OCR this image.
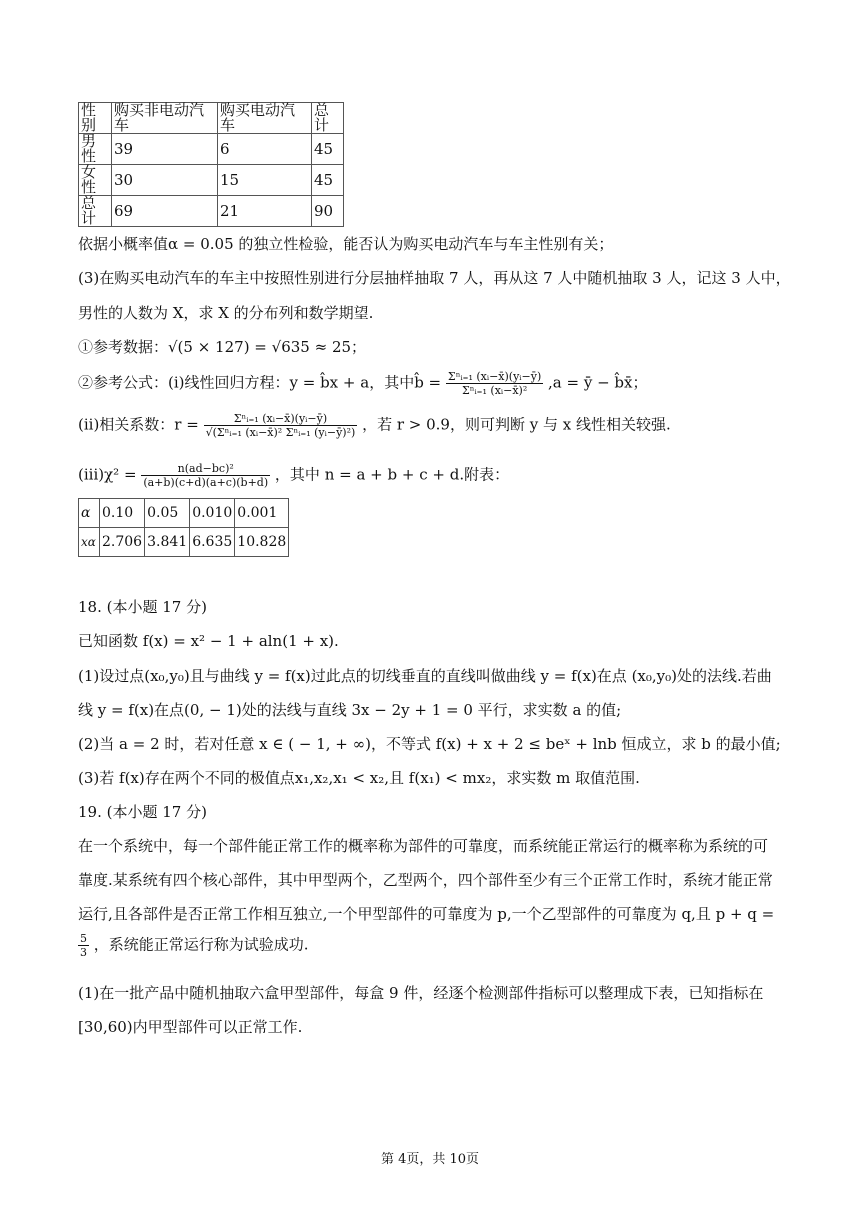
性别	购买非电动汽车	购买电动汽车	总计
男性	39	6	45
女性	30	15	45
总计	69	21	90
依据小概率值α = 0.05 的独立性检验，能否认为购买电动汽车与车主性别有关；
(3)在购买电动汽车的车主中按照性别进行分层抽样抽取 7 人，再从这 7 人中随机抽取 3 人，记这 3 人中，
男性的人数为 X，求 X 的分布列和数学期望.
①参考数据：√(5 × 127) = √635 ≈ 25；
②参考公式：(i)线性回归方程：y = b̂x + a，其中b̂ = $\frac{\text{Σⁿᵢ₌₁ (xᵢ−x̄)(yᵢ−ȳ)}}{\text{Σⁿᵢ₌₁ (xᵢ−x̄)²}} ,a$ = ȳ − b̂x̄；
(ii)相关系数：$r = \frac{\text{Σⁿᵢ₌₁ (xᵢ−x̄)(yᵢ−ȳ)}}{\text{√(Σⁿᵢ₌₁ (xᵢ−x̄)² Σⁿᵢ₌₁ (yᵢ−ȳ)²)}}$ ，若 r > 0.9，则可判断 y 与 x 线性相关较强.
$(iii)\chi^2 = \frac{\text{n(ad−bc)²}}{(a+b)(c+d)(a+c)(b+d)}$ ，其中 n = a + b + c + d.附表：
α	0.10	0.05	0.010	0.001
xα	2.706	3.841	6.635	10.828
18. (本小题 17 分)
已知函数 f(x) = x² − 1 + aln(1 + x).
(1)设过点(x₀,y₀)且与曲线 y = f(x)过此点的切线垂直的直线叫做曲线 y = f(x)在点 (x₀,y₀)处的法线.若曲
线 y = f(x)在点(0, − 1)处的法线与直线 3x − 2y + 1 = 0 平行，求实数 a 的值;
(2)当 a = 2 时，若对任意 x ∈ ( − 1, + ∞)，不等式 f(x) + x + 2 ≤ beˣ + lnb 恒成立，求 b 的最小值;
(3)若 f(x)存在两个不同的极值点x₁,x₂,x₁ < x₂,且 f(x₁) < mx₂，求实数 m 取值范围.
19. (本小题 17 分)
在一个系统中，每一个部件能正常工作的概率称为部件的可靠度，而系统能正常运行的概率称为系统的可
靠度.某系统有四个核心部件，其中甲型两个，乙型两个，四个部件至少有三个正常工作时，系统才能正常
运行,且各部件是否正常工作相互独立,一个甲型部件的可靠度为 p,一个乙型部件的可靠度为 q,且 p + q =
$\frac{5}{3}$ ，系统能正常运行称为试验成功.
(1)在一批产品中随机抽取六盒甲型部件，每盒 9 件，经逐个检测部件指标可以整理成下表，已知指标在
[30,60)内甲型部件可以正常工作.
第 4页，共 10页
